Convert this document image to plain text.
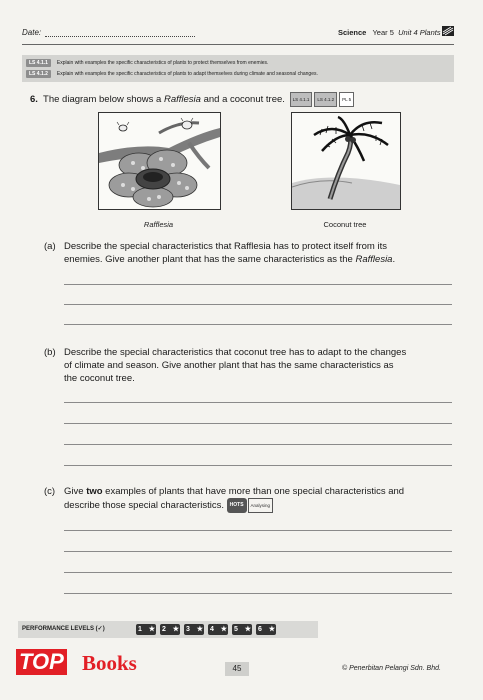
Date:	Science Year 5 Unit 4 Plants
LS 4.1.1	Explain with examples the specific characteristics of plants to protect themselves from enemies.
LS 4.1.2	Explain with examples the specific characteristics of plants to adapt themselves during climate and seasonal changes.
6. The diagram below shows a Rafflesia and a coconut tree. LS 4.1.1 LS 4.1.2 PL 5
Rafflesia	Coconut tree
(a) Describe the special characteristics that Rafflesia has to protect itself from its
enemies. Give another plant that has the same characteristics as the Rafflesia.
(b) Describe the special characteristics that coconut tree has to adapt to the changes
of climate and season. Give another plant that has the same characteristics as
the coconut tree.
(c) Give two examples of plants that have more than one special characteristics and
describe those special characteristics. HOTS Analysing
PERFORMANCE LEVELS (✓)	1 ★ 2 ★ 3 ★ 4 ★ 5 ★ 6 ★
TOP Books	45	© Penerbitan Pelangi Sdn. Bhd.
